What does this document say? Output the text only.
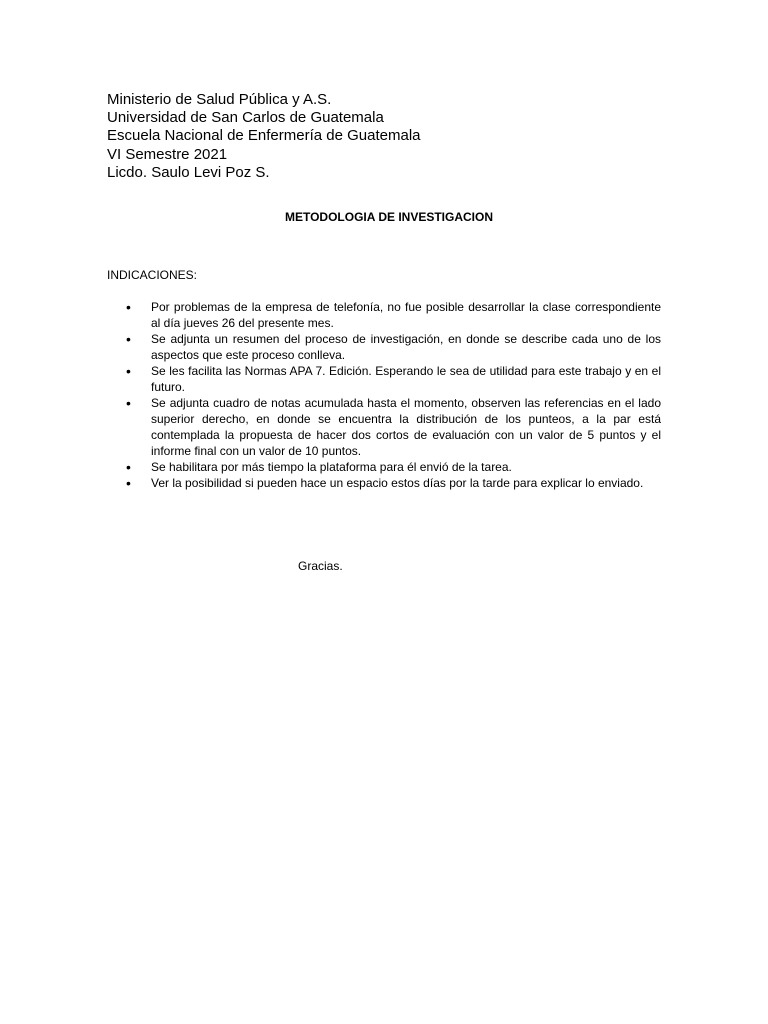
Ministerio de Salud Pública y A.S.
Universidad de San Carlos de Guatemala
Escuela Nacional de Enfermería de Guatemala
VI Semestre 2021
Licdo. Saulo Levi Poz S.
METODOLOGIA DE INVESTIGACION
INDICACIONES:
• Por problemas de la empresa de telefonía, no fue posible desarrollar la clase correspondiente al día jueves 26 del presente mes.
• Se adjunta un resumen del proceso de investigación, en donde se describe cada uno de los aspectos que este proceso conlleva.
• Se les facilita las Normas APA 7. Edición. Esperando le sea de utilidad para este trabajo y en el futuro.
• Se adjunta cuadro de notas acumulada hasta el momento, observen las referencias en el lado superior derecho, en donde se encuentra la distribución de los punteos, a la par está contemplada la propuesta de hacer dos cortos de evaluación con un valor de 5 puntos y el informe final con un valor de 10 puntos.
• Se habilitara por más tiempo la plataforma para él envió de la tarea.
• Ver la posibilidad si pueden hace un espacio estos días por la tarde para explicar lo enviado.
Gracias.
